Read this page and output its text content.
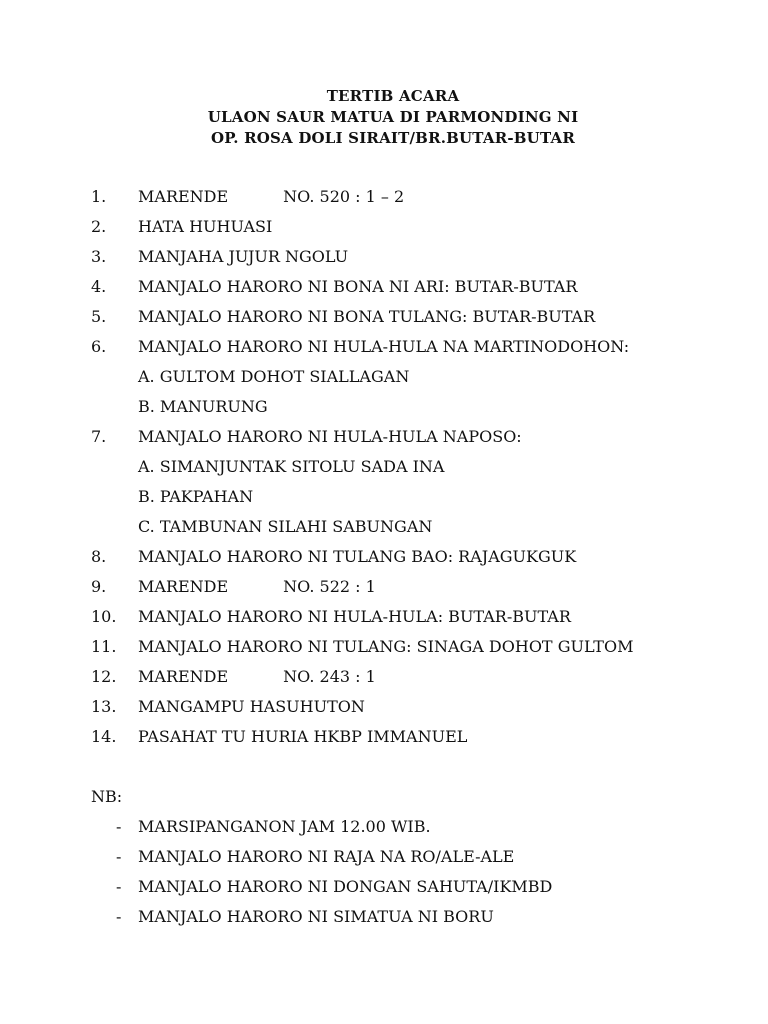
TERTIB ACARA
ULAON SAUR MATUA DI PARMONDING NI
OP. ROSA DOLI SIRAIT/BR.BUTAR-BUTAR
1. MARENDE	NO. 520 : 1 – 2
2. HATA HUHUASI
3. MANJAHA JUJUR NGOLU
4. MANJALO HARORO NI BONA NI ARI: BUTAR-BUTAR
5. MANJALO HARORO NI BONA TULANG: BUTAR-BUTAR
6. MANJALO HARORO NI HULA-HULA NA MARTINODOHON:
A. GULTOM DOHOT SIALLAGAN
B. MANURUNG
7. MANJALO HARORO NI HULA-HULA NAPOSO:
A. SIMANJUNTAK SITOLU SADA INA
B. PAKPAHAN
C. TAMBUNAN SILAHI SABUNGAN
8. MANJALO HARORO NI TULANG BAO: RAJAGUKGUK
9. MARENDE	NO. 522 : 1
10. MANJALO HARORO NI HULA-HULA: BUTAR-BUTAR
11. MANJALO HARORO NI TULANG: SINAGA DOHOT GULTOM
12. MARENDE	NO. 243 : 1
13. MANGAMPU HASUHUTON
14. PASAHAT TU HURIA HKBP IMMANUEL
NB:
- MARSIPANGANON JAM 12.00 WIB.
- MANJALO HARORO NI RAJA NA RO/ALE-ALE
- MANJALO HARORO NI DONGAN SAHUTA/IKMBD
- MANJALO HARORO NI SIMATUA NI BORU
